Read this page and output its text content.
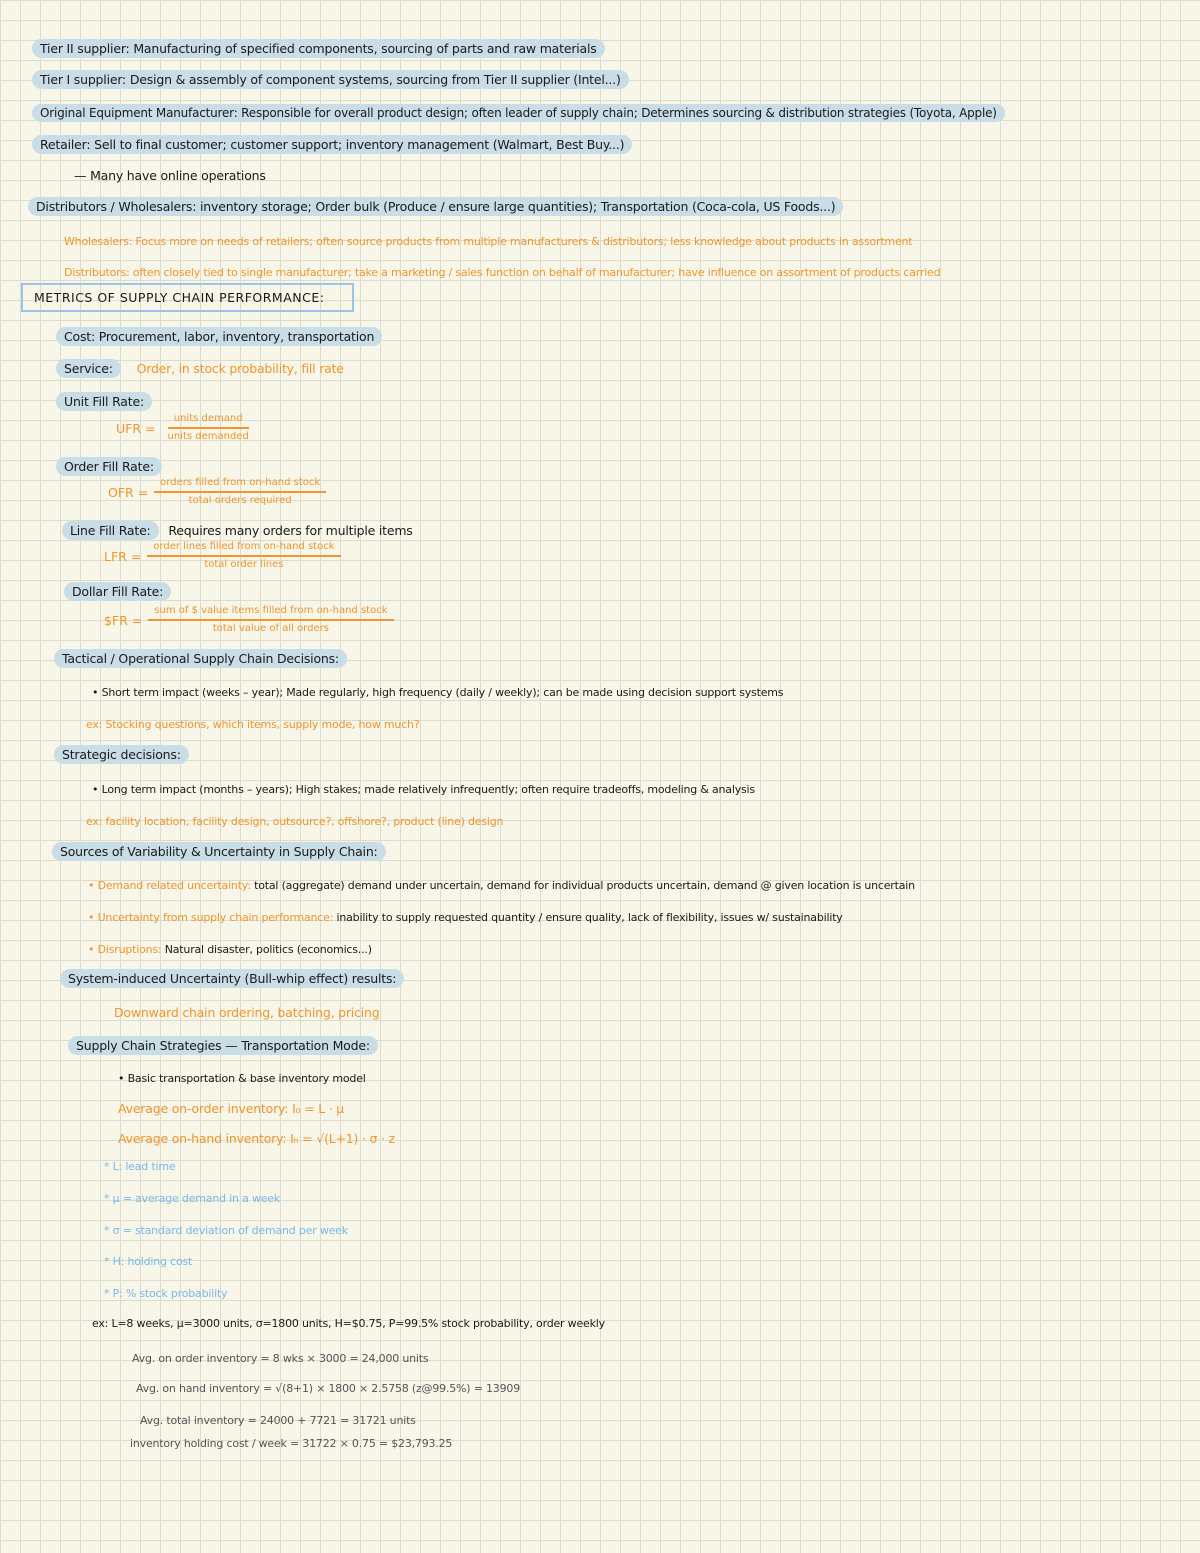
Tier II supplier: Manufacturing of specified components, sourcing of parts and raw materials
Tier I supplier: Design & assembly of component systems, sourcing from Tier II supplier (Intel...)
Original Equipment Manufacturer: Responsible for overall product design; often leader of supply chain; Determines sourcing & distribution strategies (Toyota, Apple)
Retailer: Sell to final customer; customer support; inventory management (Walmart, Best Buy...)
— Many have online operations
Distributors / Wholesalers: inventory storage; Order bulk (Produce / ensure large quantities); Transportation (Coca-cola, US Foods...)
Wholesalers: Focus more on needs of retailers; often source products from multiple manufacturers & distributors; less knowledge about products in assortment
Distributors: often closely tied to single manufacturer; take a marketing / sales function on behalf of manufacturer; have influence on assortment of products carried
METRICS OF SUPPLY CHAIN PERFORMANCE:
Cost: Procurement, labor, inventory, transportation
Service: Order, in stock probability, fill rate
Unit Fill Rate:
UFR = $\frac{\text{units demand}}{\text{units demanded}}$
Order Fill Rate:
OFR = $\frac{\text{orders filled from on-hand stock}}{\text{total orders required}}$
Line Fill Rate: Requires many orders for multiple items
LFR = $\frac{\text{order lines filled from on-hand stock}}{\text{total order lines}}$
Dollar Fill Rate:
$FR = $\frac{\text{sum of \$ value items filled from on-hand stock}}{\text{total value of all orders}}$
Tactical / Operational Supply Chain Decisions:
• Short term impact (weeks – year); Made regularly, high frequency (daily / weekly); can be made using decision support systems
ex: Stocking questions, which items, supply mode, how much?
Strategic decisions:
• Long term impact (months – years); High stakes; made relatively infrequently; often require tradeoffs, modeling & analysis
ex: facility location, facility design, outsource?, offshore?, product (line) design
Sources of Variability & Uncertainty in Supply Chain:
• Demand related uncertainty: total (aggregate) demand under uncertain, demand for individual products uncertain, demand @ given location is uncertain
• Uncertainty from supply chain performance: inability to supply requested quantity / ensure quality, lack of flexibility, issues w/ sustainability
• Disruptions: Natural disaster, politics (economics...)
System-induced Uncertainty (Bull-whip effect) results:
Downward chain ordering, batching, pricing
Supply Chain Strategies — Transportation Mode:
• Basic transportation & base inventory model
Average on-order inventory: I₀ = L · μ
Average on-hand inventory: Iₕ = √(L+1) · σ · z
* L: lead time
* μ = average demand in a week
* σ = standard deviation of demand per week
* H: holding cost
* P: % stock probability
ex: L=8 weeks, μ=3000 units, σ=1800 units, H=$0.75, P=99.5% stock probability, order weekly
Avg. on order inventory = 8 wks × 3000 = 24,000 units
Avg. on hand inventory = √(8+1) × 1800 × 2.5758 (z@99.5%) = 13909
Avg. total inventory = 24000 + 7721 = 31721 units
inventory holding cost / week = 31722 × 0.75 = $23,793.25
